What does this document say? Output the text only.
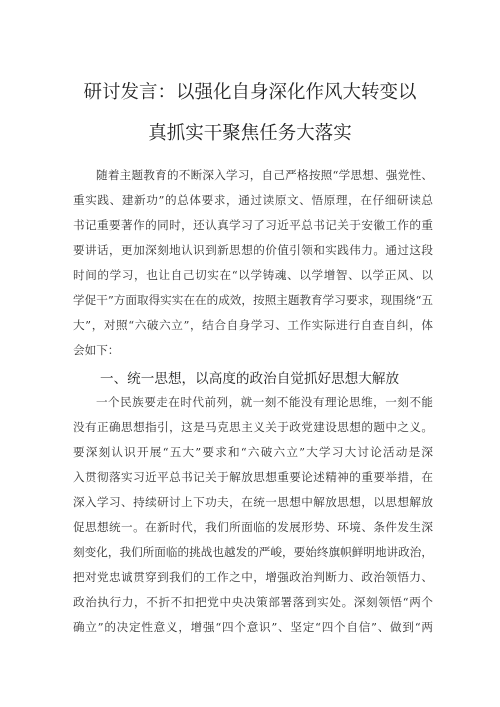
研讨发言：以强化自身深化作风大转变以
真抓实干聚焦任务大落实
随着主题教育的不断深入学习，自己严格按照“学思想、强党性、
重实践、建新功”的总体要求，通过读原文、悟原理，在仔细研读总
书记重要著作的同时，还认真学习了习近平总书记关于安徽工作的重
要讲话，更加深刻地认识到新思想的价值引领和实践伟力。通过这段
时间的学习，也让自己切实在“以学铸魂、以学增智、以学正风、以
学促干”方面取得实实在在的成效，按照主题教育学习要求，现围绕“五
大”，对照“六破六立”，结合自身学习、工作实际进行自查自纠，体
会如下：
一、统一思想，以高度的政治自觉抓好思想大解放
一个民族要走在时代前列，就一刻不能没有理论思维，一刻不能
没有正确思想指引，这是马克思主义关于政党建设思想的题中之义。
要深刻认识开展“五大”要求和“六破六立”大学习大讨论活动是深
入贯彻落实习近平总书记关于解放思想重要论述精神的重要举措，在
深入学习、持续研讨上下功夫，在统一思想中解放思想，以思想解放
促思想统一。在新时代，我们所面临的发展形势、环境、条件发生深
刻变化，我们所面临的挑战也越发的严峻，要始终旗帜鲜明地讲政治，
把对党忠诚贯穿到我们的工作之中，增强政治判断力、政治领悟力、
政治执行力，不折不扣把党中央决策部署落到实处。深刻领悟“两个
确立”的决定性意义，增强“四个意识”、坚定“四个自信”、做到“两
